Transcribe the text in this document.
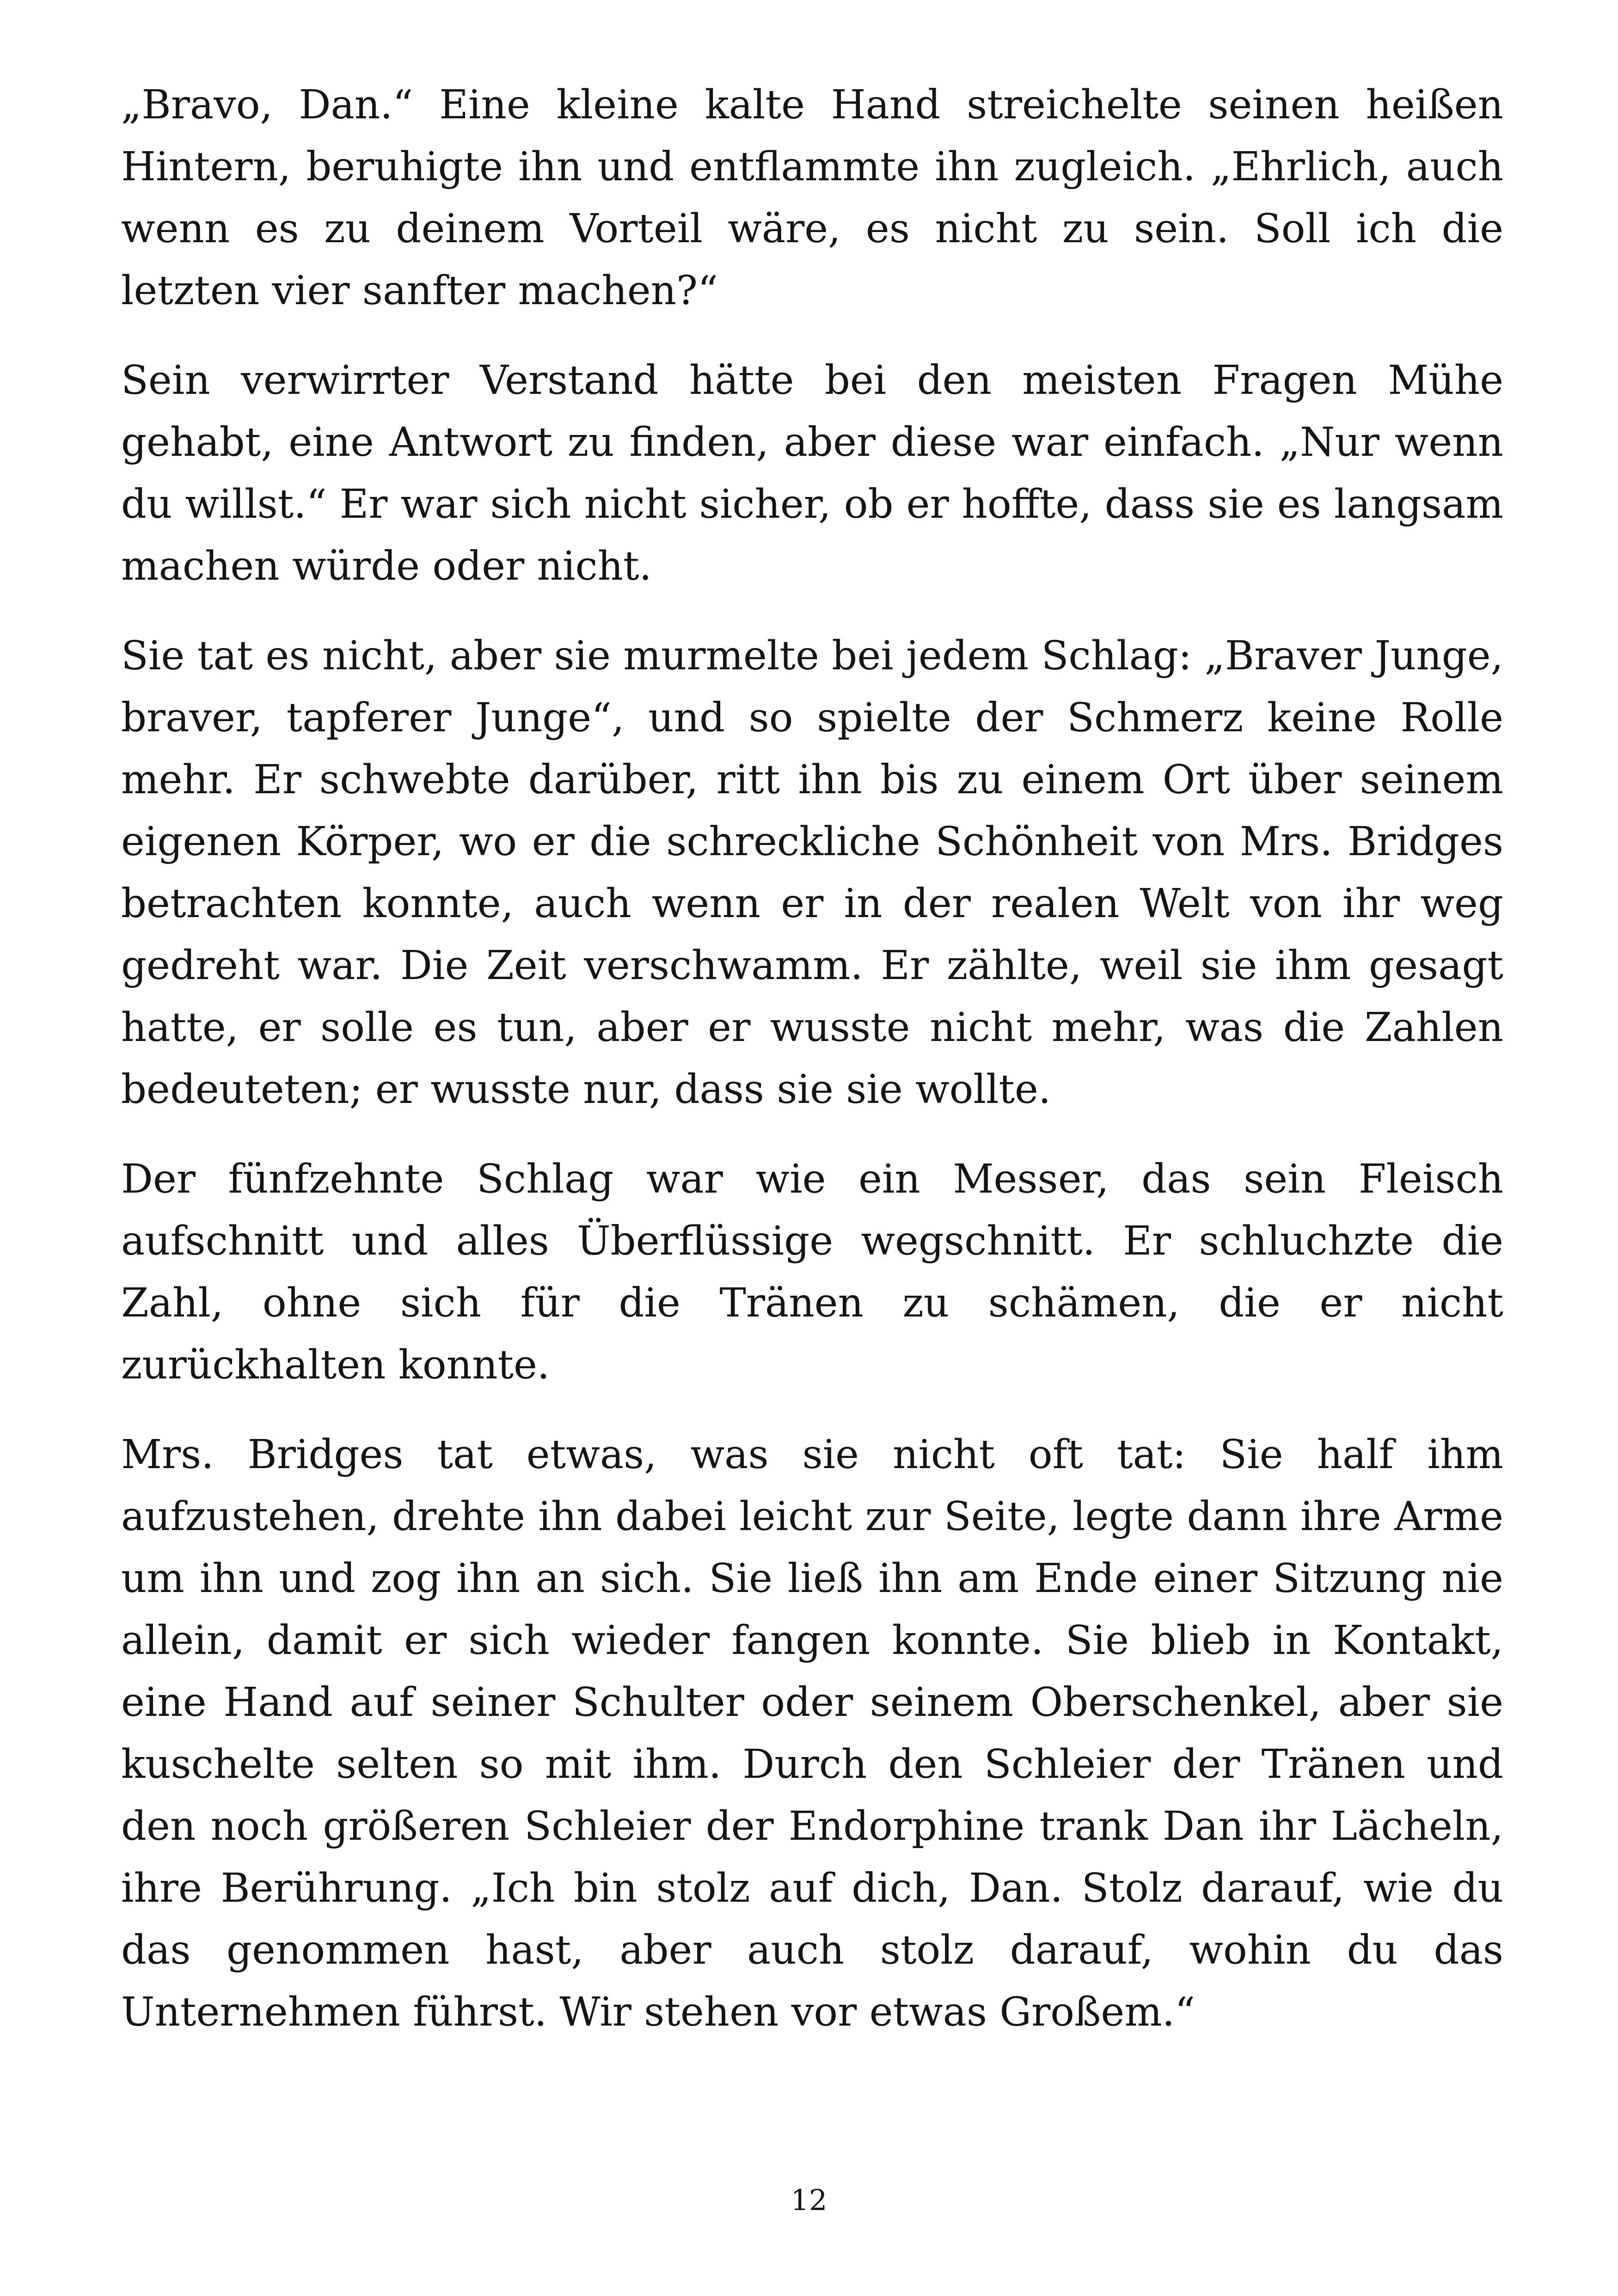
„Bravo, Dan.“ Eine kleine kalte Hand streichelte seinen heißen Hintern, beruhigte ihn und entflammte ihn zugleich. „Ehrlich, auch wenn es zu deinem Vorteil wäre, es nicht zu sein. Soll ich die letzten vier sanfter machen?“

Sein verwirrter Verstand hätte bei den meisten Fragen Mühe gehabt, eine Antwort zu finden, aber diese war einfach. „Nur wenn du willst.“ Er war sich nicht sicher, ob er hoffte, dass sie es langsam machen würde oder nicht.

Sie tat es nicht, aber sie murmelte bei jedem Schlag: „Braver Junge, braver, tapferer Junge“, und so spielte der Schmerz keine Rolle mehr. Er schwebte darüber, ritt ihn bis zu einem Ort über seinem eigenen Körper, wo er die schreckliche Schönheit von Mrs. Bridges betrachten konnte, auch wenn er in der realen Welt von ihr weg gedreht war. Die Zeit verschwamm. Er zählte, weil sie ihm gesagt hatte, er solle es tun, aber er wusste nicht mehr, was die Zahlen bedeuteten; er wusste nur, dass sie sie wollte.

Der fünfzehnte Schlag war wie ein Messer, das sein Fleisch aufschnitt und alles Überflüssige wegschnitt. Er schluchzte die Zahl, ohne sich für die Tränen zu schämen, die er nicht zurückhalten konnte.

Mrs. Bridges tat etwas, was sie nicht oft tat: Sie half ihm aufzustehen, drehte ihn dabei leicht zur Seite, legte dann ihre Arme um ihn und zog ihn an sich. Sie ließ ihn am Ende einer Sitzung nie allein, damit er sich wieder fangen konnte. Sie blieb in Kontakt, eine Hand auf seiner Schulter oder seinem Oberschenkel, aber sie kuschelte selten so mit ihm. Durch den Schleier der Tränen und den noch größeren Schleier der Endorphine trank Dan ihr Lächeln, ihre Berührung. „Ich bin stolz auf dich, Dan. Stolz darauf, wie du das genommen hast, aber auch stolz darauf, wohin du das Unternehmen führst. Wir stehen vor etwas Großem.“

12
